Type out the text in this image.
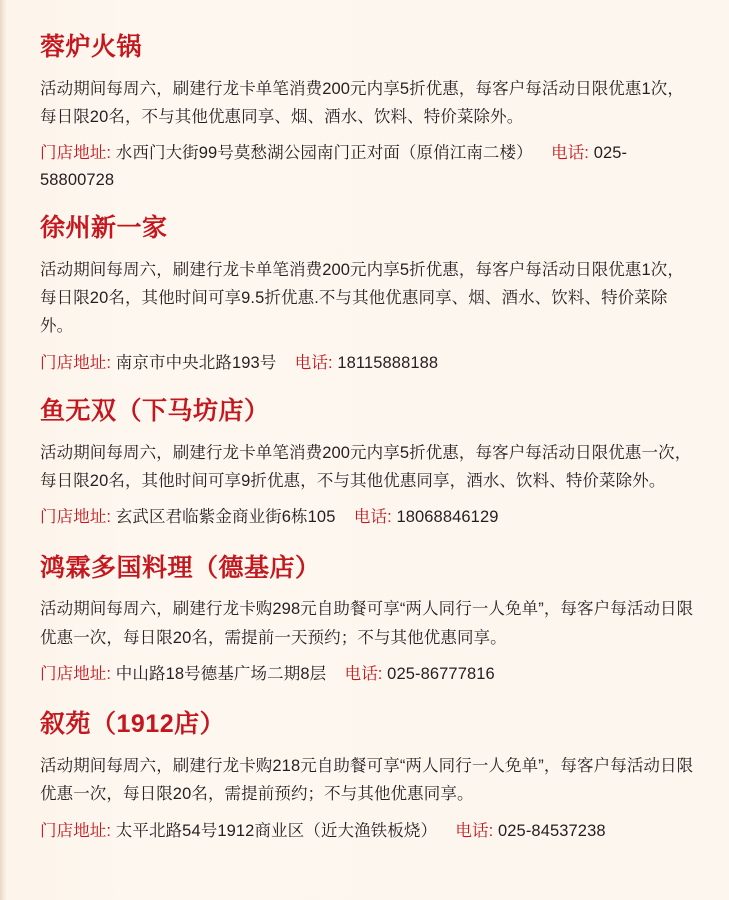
蓉炉火锅

活动期间每周六，刷建行龙卡单笔消费200元内享5折优惠，每客户每活动日限优惠1次，每日限20名，不与其他优惠同享、烟、酒水、饮料、特价菜除外。

门店地址: 水西门大街99号莫愁湖公园南门正对面（原俏江南二楼） 电话: 025-58800728

徐州新一家

活动期间每周六，刷建行龙卡单笔消费200元内享5折优惠，每客户每活动日限优惠1次，每日限20名，其他时间可享9.5折优惠.不与其他优惠同享、烟、酒水、饮料、特价菜除外。

门店地址: 南京市中央北路193号 电话: 18115888188

鱼无双（下马坊店）

活动期间每周六，刷建行龙卡单笔消费200元内享5折优惠，每客户每活动日限优惠一次，每日限20名，其他时间可享9折优惠，不与其他优惠同享，酒水、饮料、特价菜除外。

门店地址: 玄武区君临紫金商业街6栋105 电话: 18068846129

鸿霖多国料理（德基店）

活动期间每周六，刷建行龙卡购298元自助餐可享“两人同行一人免单”，每客户每活动日限优惠一次，每日限20名，需提前一天预约；不与其他优惠同享。

门店地址: 中山路18号德基广场二期8层 电话: 025-86777816

叙苑（1912店）

活动期间每周六，刷建行龙卡购218元自助餐可享“两人同行一人免单”，每客户每活动日限优惠一次，每日限20名，需提前预约；不与其他优惠同享。

门店地址: 太平北路54号1912商业区（近大渔铁板烧） 电话: 025-84537238
